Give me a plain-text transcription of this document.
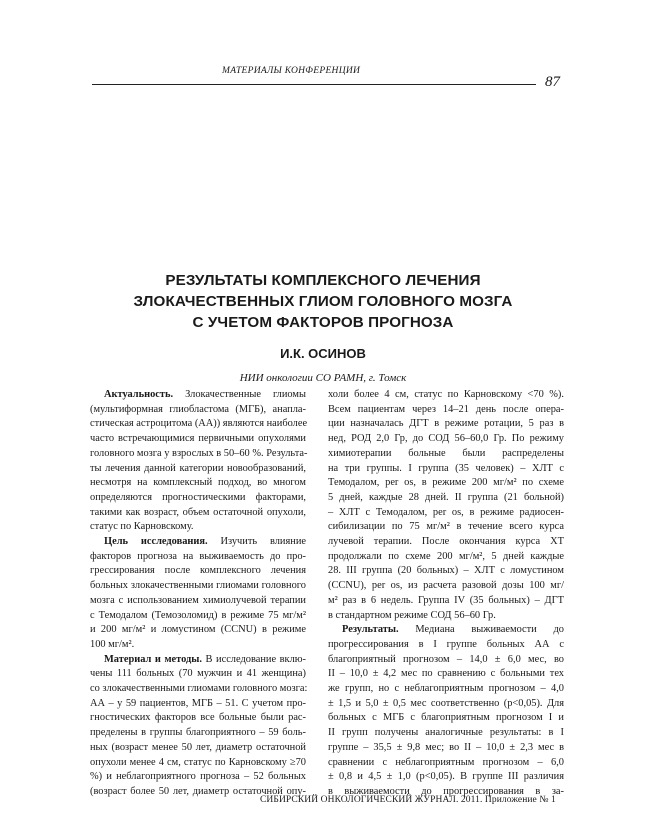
МАТЕРИАЛЫ КОНФЕРЕНЦИИ
87
РЕЗУЛЬТАТЫ КОМПЛЕКСНОГО ЛЕЧЕНИЯ
ЗЛОКАЧЕСТВЕННЫХ ГЛИОМ ГОЛОВНОГО МОЗГА
С УЧЕТОМ ФАКТОРОВ ПРОГНОЗА
И.К. ОСИНОВ
НИИ онкологии СО РАМН, г. Томск
Актуальность. Злокачественные глиомы
(мультиформная глиобластома (МГБ), анапла-
стическая астроцитома (АА)) являются наиболее
часто встречающимися первичными опухолями
головного мозга у взрослых в 50–60 %. Результа-
ты лечения данной категории новообразований,
несмотря на комплексный подход, во многом
определяются прогностическими факторами,
такими как возраст, объем остаточной опухоли,
статус по Карновскому.
Цель исследования. Изучить влияние
факторов прогноза на выживаемость до про-
грессирования после комплексного лечения
больных злокачественными глиомами головного
мозга с использованием химиолучевой терапии
с Темодалом (Темозоломид) в режиме 75 мг/м²
и 200 мг/м² и ломустином (CCNU) в режиме
100 мг/м².
Материал и методы. В исследование вклю-
чены 111 больных (70 мужчин и 41 женщина)
со злокачественными глиомами головного мозга:
АА – у 59 пациентов, МГБ – 51. С учетом про-
гностических факторов все больные были рас-
пределены в группы благоприятного – 59 боль-
ных (возраст менее 50 лет, диаметр остаточной
опухоли менее 4 см, статус по Карновскому ≥70
%) и неблагоприятного прогноза – 52 больных
(возраст более 50 лет, диаметр остаточной опу-
холи более 4 см, статус по Карновскому <70 %).
Всем пациентам через 14–21 день после опера-
ции назначалась ДГТ в режиме ротации, 5 раз в
нед, РОД 2,0 Гр, до СОД 56–60,0 Гр. По режиму
химиотерапии больные были распределены
на три группы. I группа (35 человек) – ХЛТ с
Темодалом, per os, в режиме 200 мг/м² по схеме
5 дней, каждые 28 дней. II группа (21 больной)
– ХЛТ с Темодалом, per os, в режиме радиосен-
сибилизации по 75 мг/м² в течение всего курса
лучевой терапии. После окончания курса ХТ
продолжали по схеме 200 мг/м², 5 дней каждые
28. III группа (20 больных) – ХЛТ с ломустином
(CCNU), per os, из расчета разовой дозы 100 мг/
м² раз в 6 недель. Группа IV (35 больных) – ДГТ
в стандартном режиме СОД 56–60 Гр.
Результаты. Медиана выживаемости до
прогрессирования в I группе больных АА с
благоприятный прогнозом – 14,0 ± 6,0 мес, во
II – 10,0 ± 4,2 мес по сравнению с больными тех
же групп, но с неблагоприятным прогнозом – 4,0
± 1,5 и 5,0 ± 0,5 мес соответственно (p<0,05). Для
больных с МГБ с благоприятным прогнозом I и
II групп получены аналогичные результаты: в I
группе – 35,5 ± 9,8 мес; во II – 10,0 ± 2,3 мес в
сравнении с неблагоприятным прогнозом – 6,0
± 0,8 и 4,5 ± 1,0 (p<0,05). В группе III различия
в выживаемости до прогрессирования в за-
СИБИРСКИЙ ОНКОЛОГИЧЕСКИЙ ЖУРНАЛ. 2011. Приложение № 1
